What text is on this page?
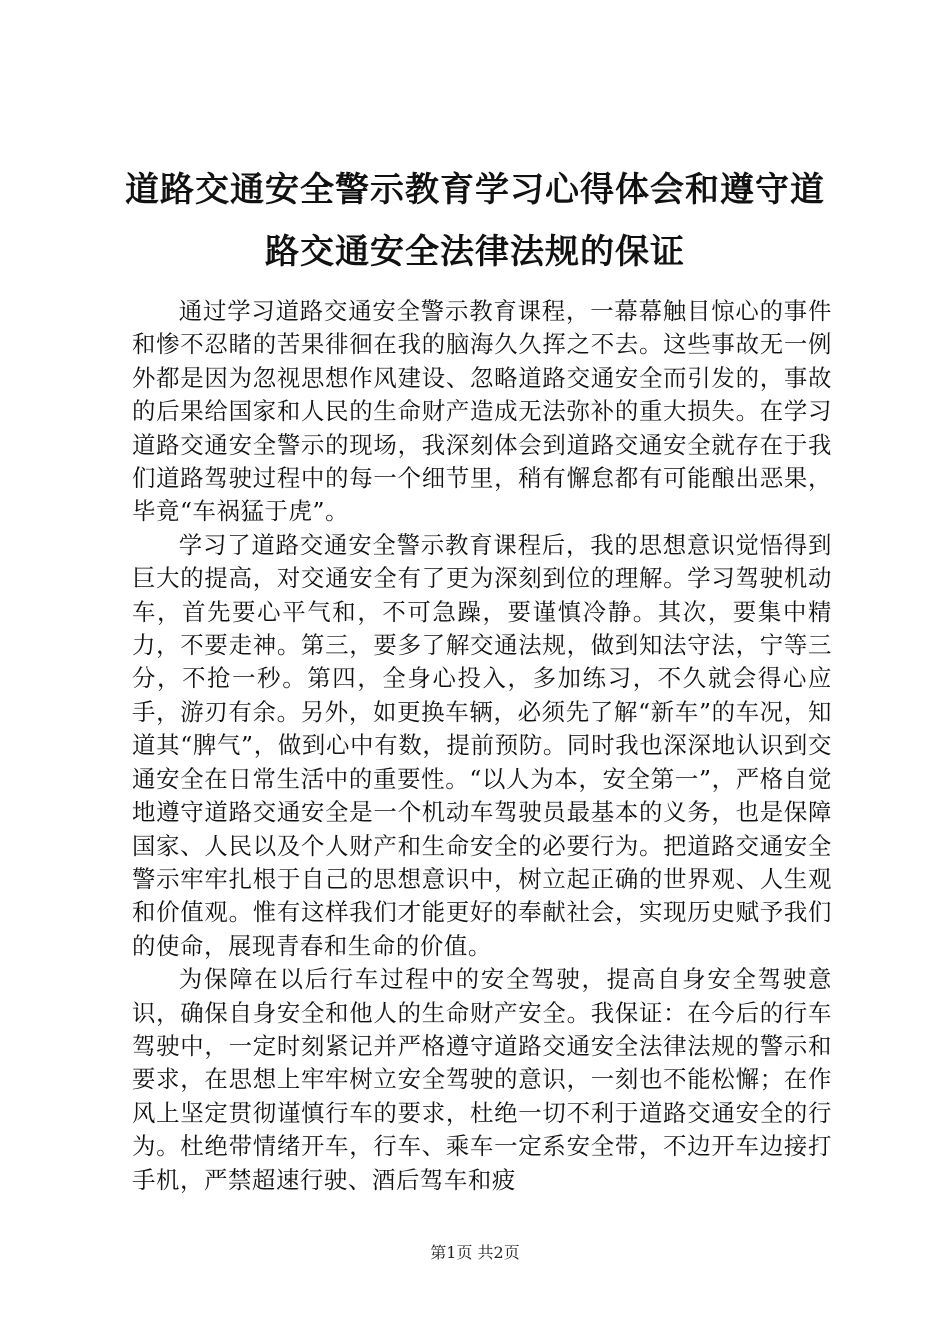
道路交通安全警示教育学习心得体会和遵守道
路交通安全法律法规的保证

通过学习道路交通安全警示教育课程，一幕幕触目惊心的事件和惨不忍睹的苦果徘徊在我的脑海久久挥之不去。这些事故无一例外都是因为忽视思想作风建设、忽略道路交通安全而引发的，事故的后果给国家和人民的生命财产造成无法弥补的重大损失。在学习道路交通安全警示的现场，我深刻体会到道路交通安全就存在于我们道路驾驶过程中的每一个细节里，稍有懈怠都有可能酿出恶果，毕竟“车祸猛于虎”。

学习了道路交通安全警示教育课程后，我的思想意识觉悟得到巨大的提高，对交通安全有了更为深刻到位的理解。学习驾驶机动车，首先要心平气和，不可急躁，要谨慎冷静。其次，要集中精力，不要走神。第三，要多了解交通法规，做到知法守法，宁等三分，不抢一秒。第四，全身心投入，多加练习，不久就会得心应手，游刃有余。另外，如更换车辆，必须先了解“新车”的车况，知道其“脾气”，做到心中有数，提前预防。同时我也深深地认识到交通安全在日常生活中的重要性。“以人为本，安全第一”，严格自觉地遵守道路交通安全是一个机动车驾驶员最基本的义务，也是保障国家、人民以及个人财产和生命安全的必要行为。把道路交通安全警示牢牢扎根于自己的思想意识中，树立起正确的世界观、人生观和价值观。惟有这样我们才能更好的奉献社会，实现历史赋予我们的使命，展现青春和生命的价值。

为保障在以后行车过程中的安全驾驶，提高自身安全驾驶意识，确保自身安全和他人的生命财产安全。我保证：在今后的行车驾驶中，一定时刻紧记并严格遵守道路交通安全法律法规的警示和要求，在思想上牢牢树立安全驾驶的意识，一刻也不能松懈；在作风上坚定贯彻谨慎行车的要求，杜绝一切不利于道路交通安全的行为。杜绝带情绪开车，行车、乘车一定系安全带，不边开车边接打手机，严禁超速行驶、酒后驾车和疲

第1页 共2页
